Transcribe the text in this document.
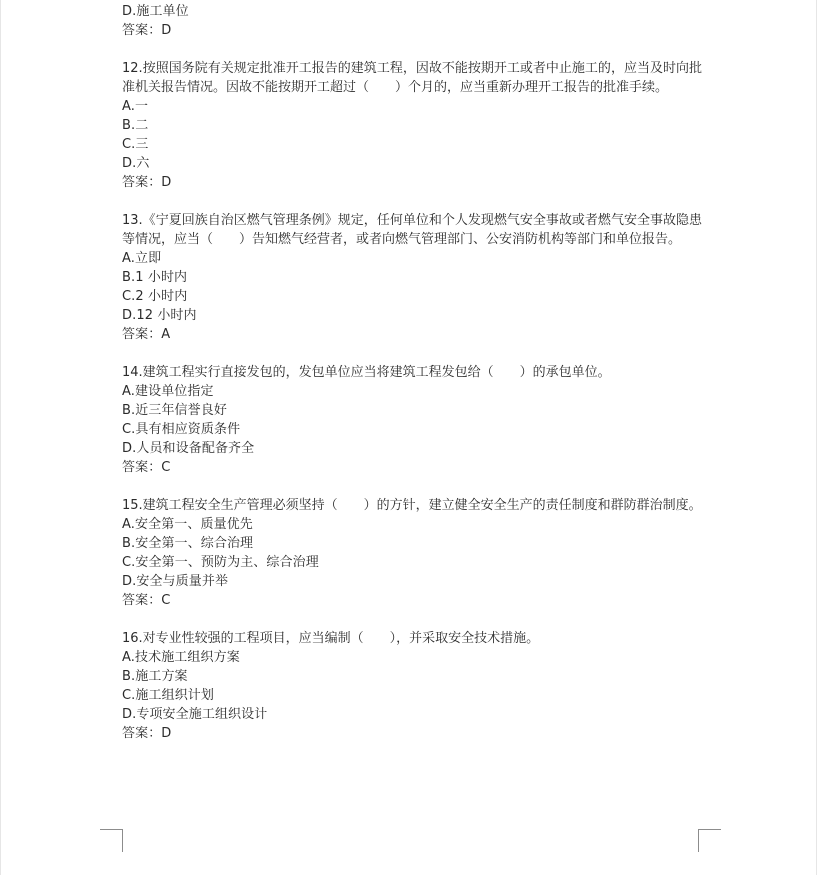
D.施工单位
答案：D
12.按照国务院有关规定批准开工报告的建筑工程，因故不能按期开工或者中止施工的，应当及时向批准机关报告情况。因故不能按期开工超过（　　）个月的，应当重新办理开工报告的批准手续。
A.一
B.二
C.三
D.六
答案：D
13.《宁夏回族自治区燃气管理条例》规定，任何单位和个人发现燃气安全事故或者燃气安全事故隐患等情况，应当（　　）告知燃气经营者，或者向燃气管理部门、公安消防机构等部门和单位报告。
A.立即
B.1 小时内
C.2 小时内
D.12 小时内
答案：A
14.建筑工程实行直接发包的，发包单位应当将建筑工程发包给（　　）的承包单位。
A.建设单位指定
B.近三年信誉良好
C.具有相应资质条件
D.人员和设备配备齐全
答案：C
15.建筑工程安全生产管理必须坚持（　　）的方针，建立健全安全生产的责任制度和群防群治制度。
A.安全第一、质量优先
B.安全第一、综合治理
C.安全第一、预防为主、综合治理
D.安全与质量并举
答案：C
16.对专业性较强的工程项目，应当编制（　　），并采取安全技术措施。
A.技术施工组织方案
B.施工方案
C.施工组织计划
D.专项安全施工组织设计
答案：D
